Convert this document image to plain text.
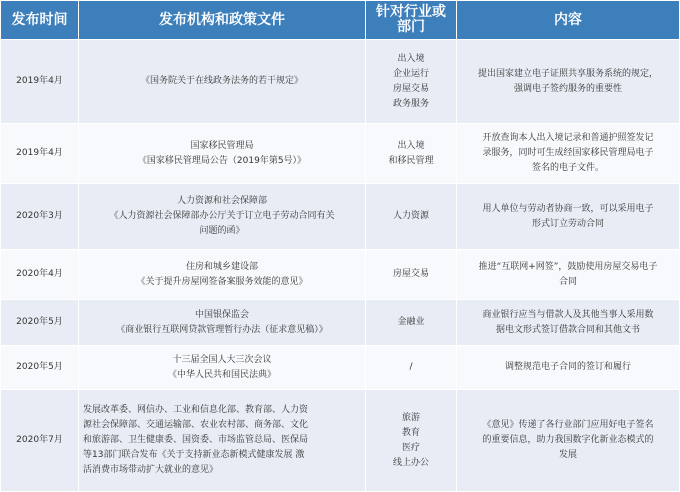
发布时间	发布机构和政策文件	针对行业或
部门	内容
2019年4月	《国务院关于在线政务法务的若干规定》	出入境
企业运行
房屋交易
政务服务	提出国家建立电子证照共享服务系统的规定，
强调电子签约服务的重要性

2019年4月	国家移民管理局
《国家移民管理局公告（2019年第5号）》	出入境
和移民管理	开放查询本人出入境记录和普通护照签发记
录服务，同时可生成经国家移民管理局电子
签名的电子文件。

2020年3月	人力资源和社会保障部
《人力资源社会保障部办公厅关于订立电子劳动合同有关
问题的函》	人力资源	用人单位与劳动者协商一致，可以采用电子
形式订立劳动合同

2020年4月	住房和城乡建设部
《关于提升房屋网签备案服务效能的意见》	房屋交易	推进“互联网+网签”，鼓励使用房屋交易电子
合同

2020年5月	中国银保监会
《商业银行互联网贷款管理暂行办法（征求意见稿）》	金融业	商业银行应当与借款人及其他当事人采用数
据电文形式签订借款合同和其他文书

2020年5月	十三届全国人大三次会议
《中华人民共和国民法典》	/	调整规范电子合同的签订和履行

2020年7月	发展改革委、网信办、工业和信息化部、教育部、人力资
源社会保障部、交通运输部、农业农村部、商务部、文化
和旅游部、卫生健康委、国资委、市场监管总局、医保局
等13部门联合发布《关于支持新业态新模式健康发展 激
活消费市场带动扩大就业的意见》	旅游
教育
医疗
线上办公	《意见》传递了各行业部门应用好电子签名
的重要信息，助力我国数字化新业态模式的
发展
